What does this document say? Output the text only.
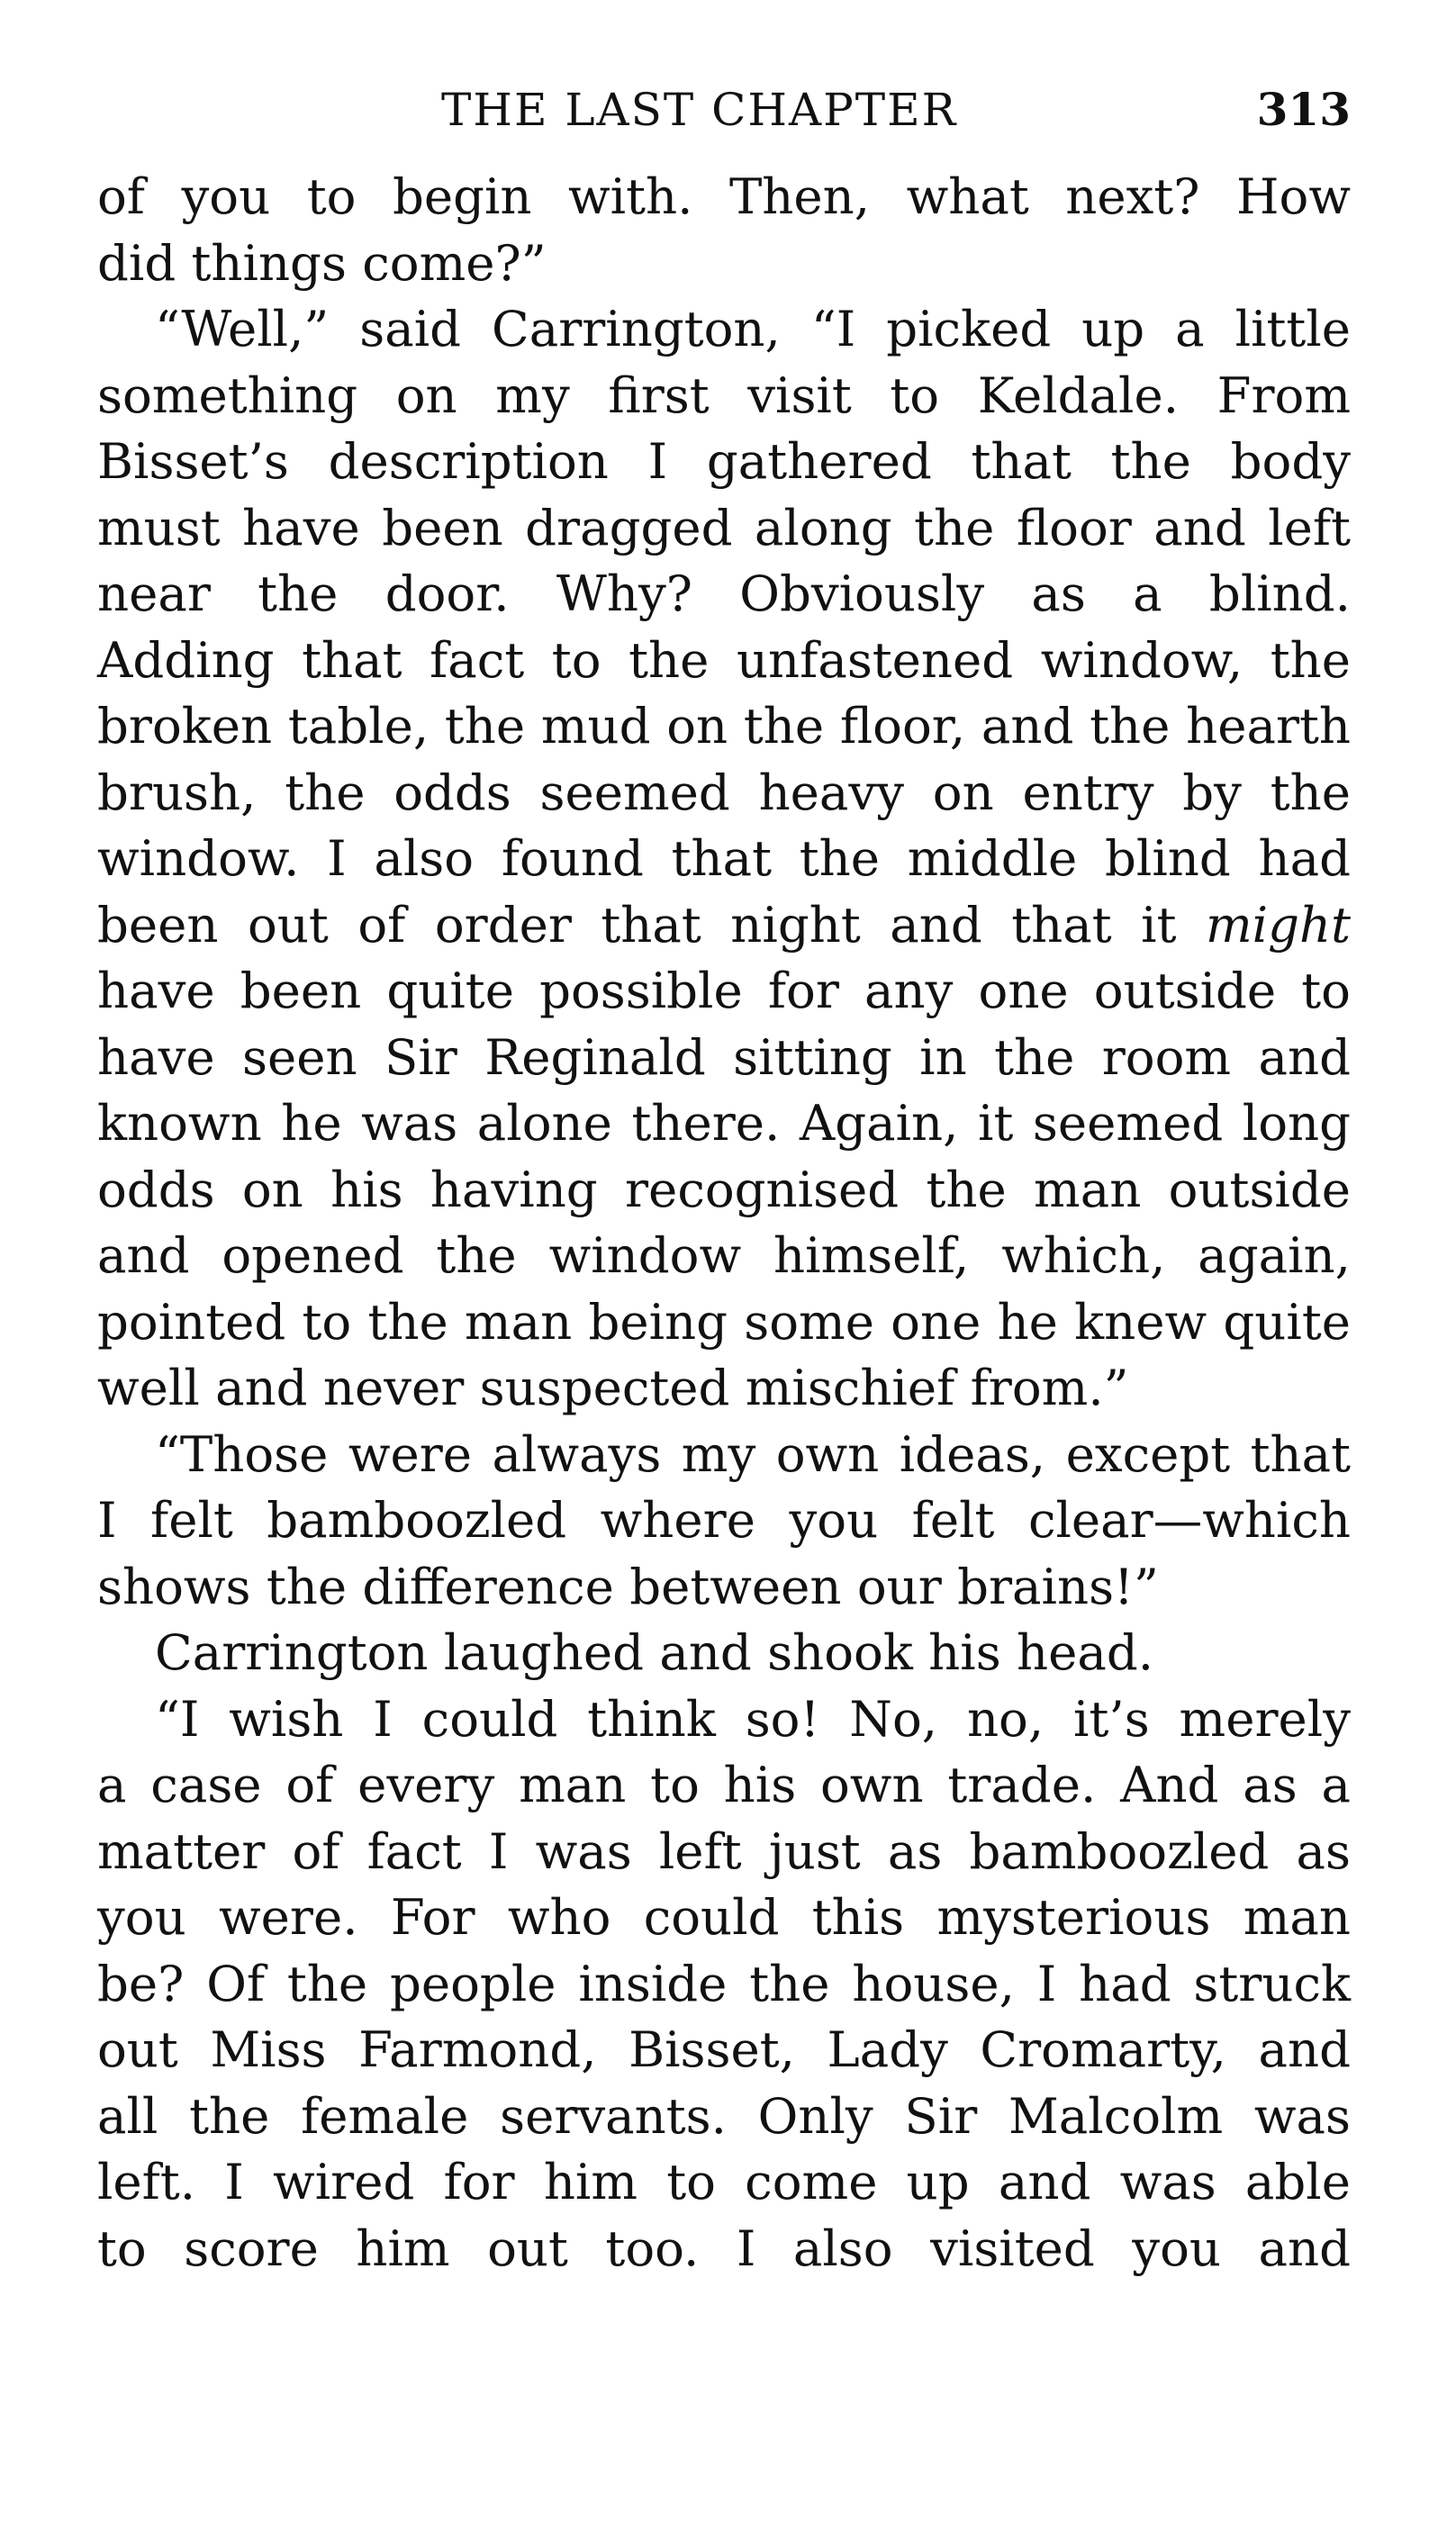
THE LAST CHAPTER	313
of you to begin with. Then, what next? How
did things come?”
“Well,” said Carrington, “I picked up a little
something on my first visit to Keldale. From
Bisset’s description I gathered that the body
must have been dragged along the floor and left
near the door. Why? Obviously as a blind.
Adding that fact to the unfastened window, the
broken table, the mud on the floor, and the hearth
brush, the odds seemed heavy on entry by the
window. I also found that the middle blind had
been out of order that night and that it might
have been quite possible for any one outside to
have seen Sir Reginald sitting in the room and
known he was alone there. Again, it seemed long
odds on his having recognised the man outside
and opened the window himself, which, again,
pointed to the man being some one he knew quite
well and never suspected mischief from.”
“Those were always my own ideas, except that
I felt bamboozled where you felt clear—which
shows the difference between our brains!”
Carrington laughed and shook his head.
“I wish I could think so! No, no, it’s merely
a case of every man to his own trade. And as a
matter of fact I was left just as bamboozled as
you were. For who could this mysterious man
be? Of the people inside the house, I had struck
out Miss Farmond, Bisset, Lady Cromarty, and
all the female servants. Only Sir Malcolm was
left. I wired for him to come up and was able
to score him out too. I also visited you and
